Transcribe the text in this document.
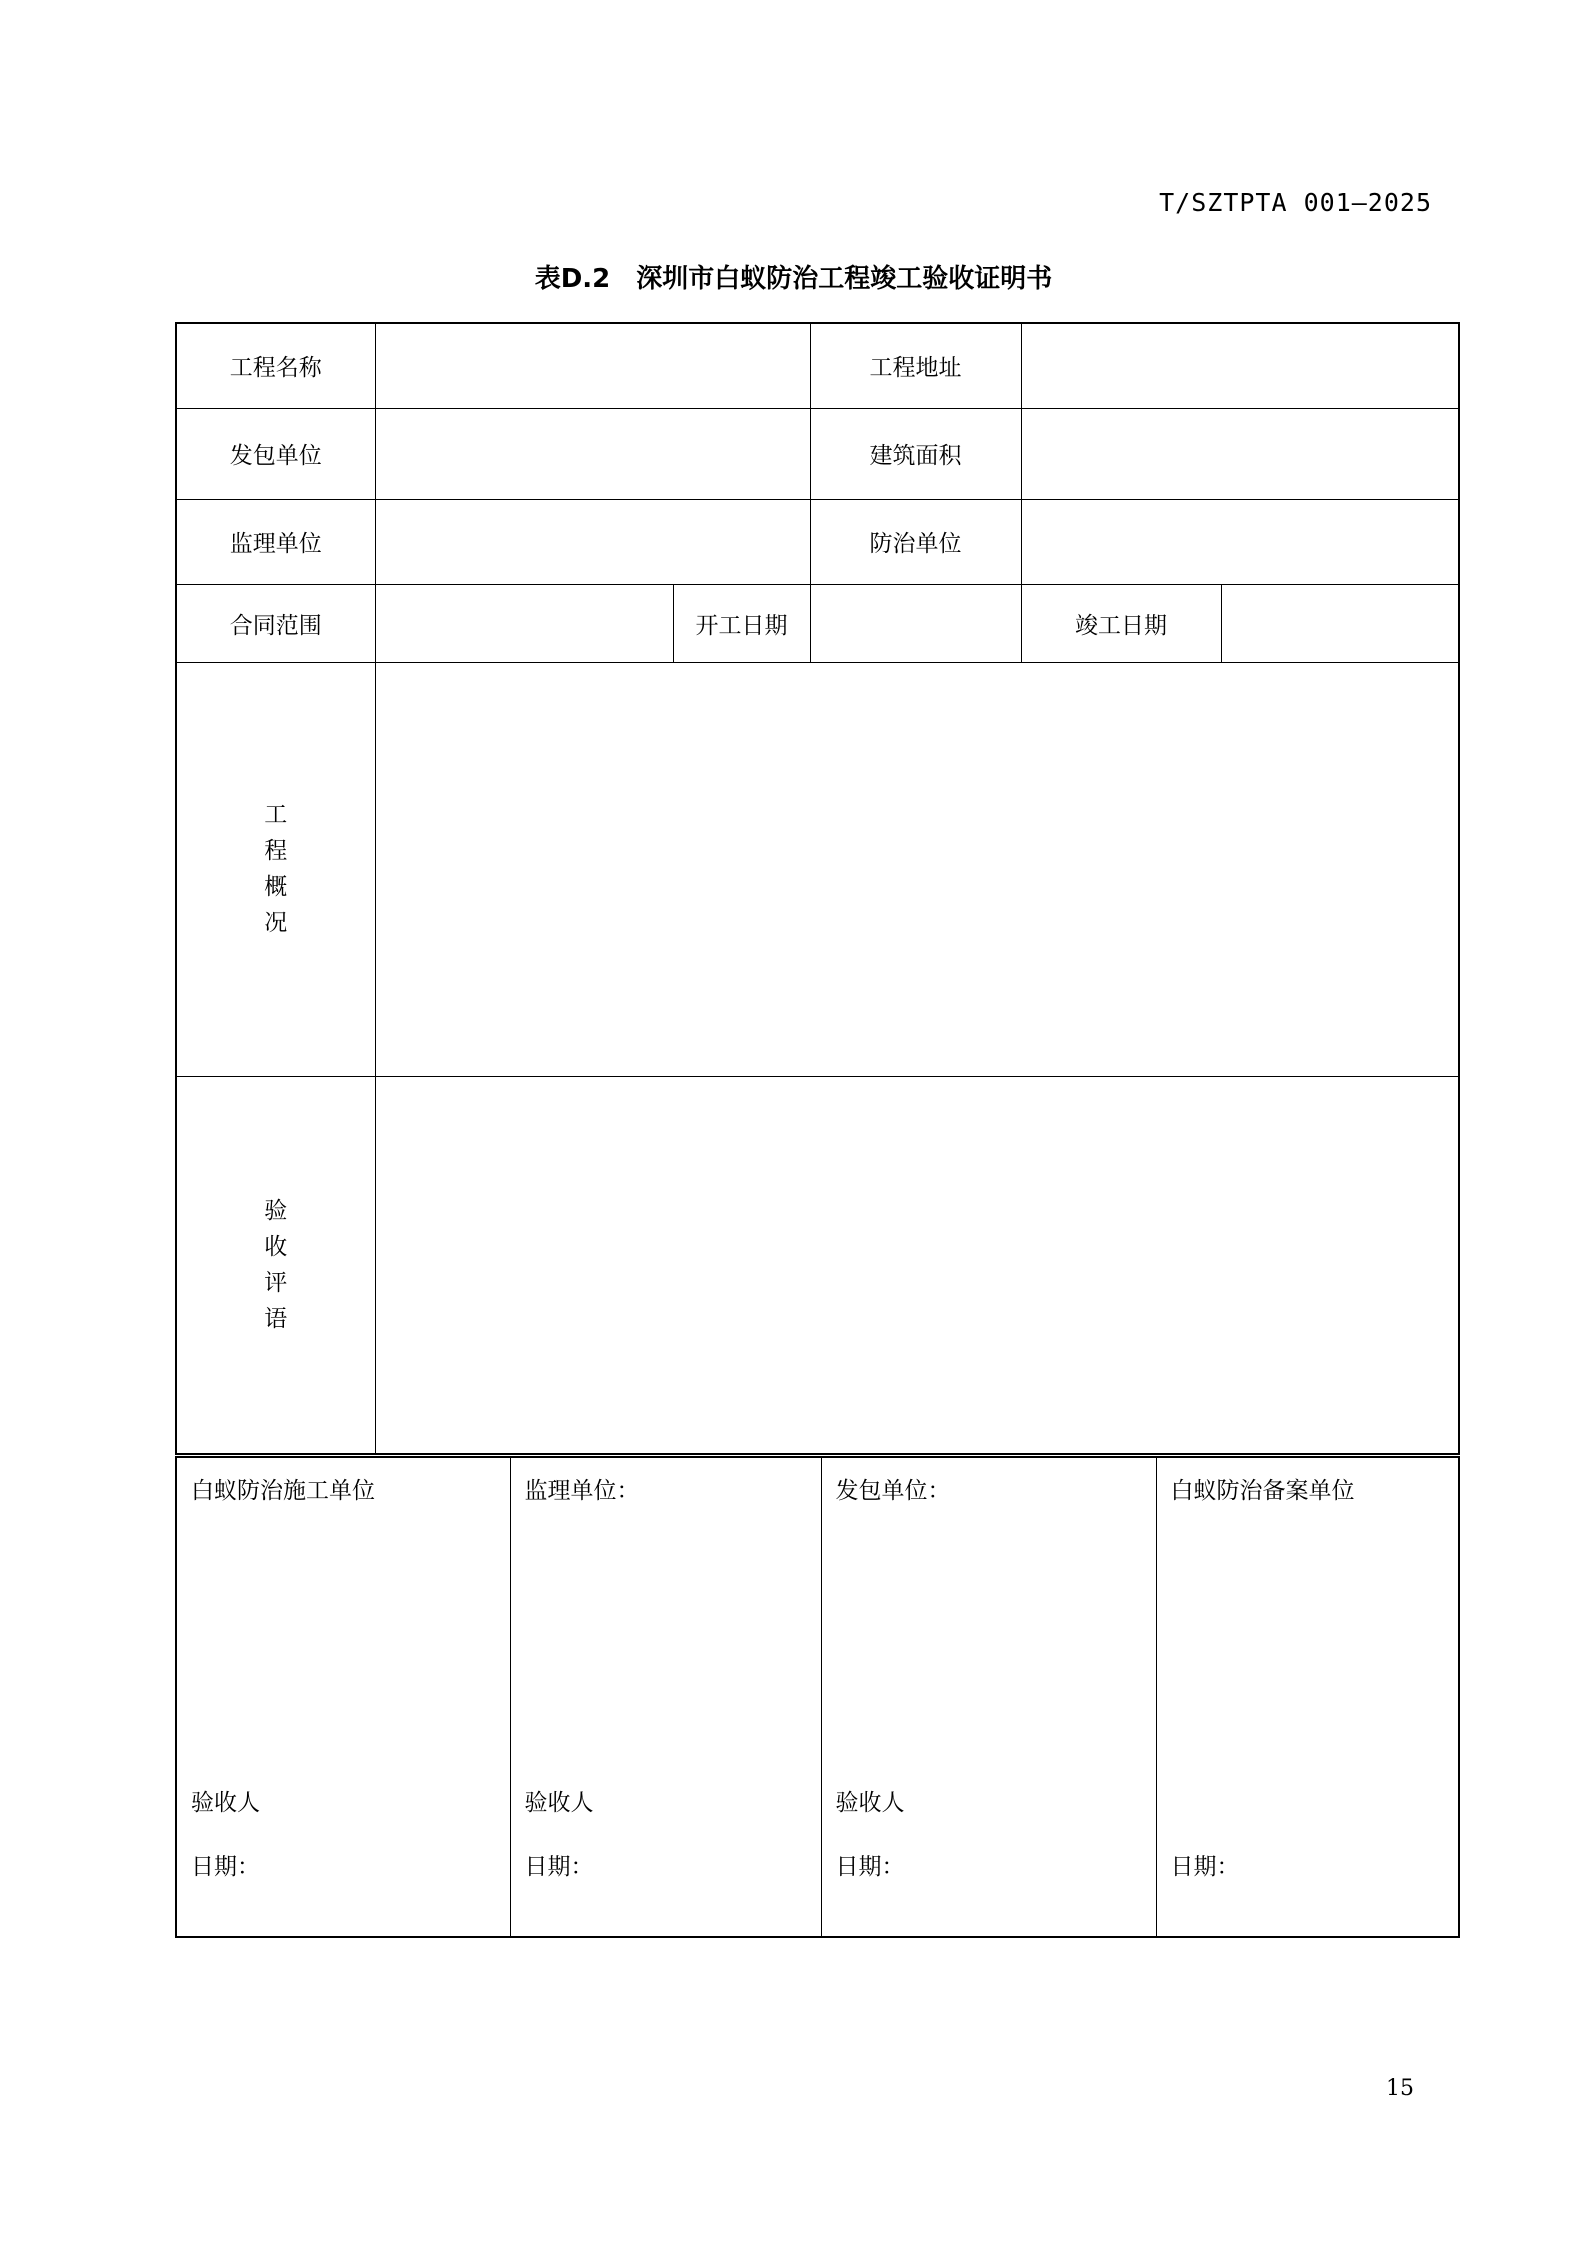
T/SZTPTA 001—2025
表D.2 深圳市白蚁防治工程竣工验收证明书
工程名称			工程地址		
发包单位			建筑面积		
监理单位			防治单位		
合同范围		开工日期		竣工日期	

工
程
概
况					

验
收
评
语					

白蚁防治施工单位
验收人
日期：

监理单位：
验收人
日期：

发包单位：
验收人
日期：

白蚁防治备案单位
日期：
15
